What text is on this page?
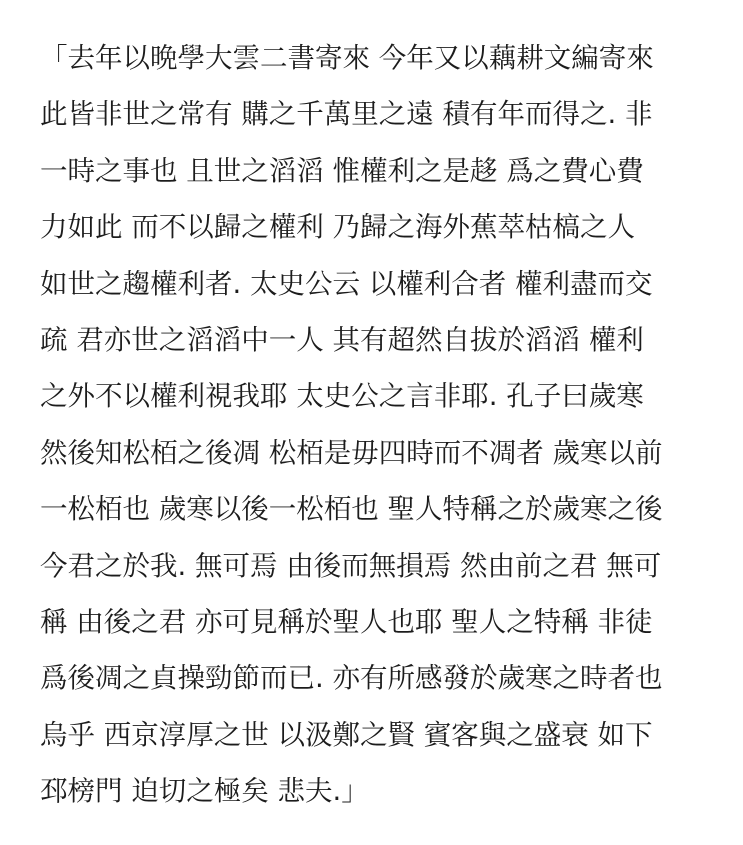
「去年以晩學大雲二書寄來 今年又以藕耕文編寄來
此皆非世之常有 購之千萬里之遠 積有年而得之. 非
一時之事也 且世之滔滔 惟權利之是趍 爲之費心費
力如此 而不以歸之權利 乃歸之海外蕉萃枯槁之人
如世之趨權利者. 太史公云 以權利合者 權利盡而交
疏 君亦世之滔滔中一人 其有超然自拔於滔滔 權利
之外不以權利視我耶 太史公之言非耶. 孔子曰歲寒
然後知松栢之後凋 松栢是毋四時而不凋者 歲寒以前
一松栢也 歲寒以後一松栢也 聖人特稱之於歲寒之後
今君之於我. 無可焉 由後而無損焉 然由前之君 無可
稱 由後之君 亦可見稱於聖人也耶 聖人之特稱 非徒
爲後凋之貞操勁節而已. 亦有所感發於歲寒之時者也
烏乎 西京淳厚之世 以汲鄭之賢 賓客與之盛衰 如下
邳榜門 迫切之極矣 悲夫.」
